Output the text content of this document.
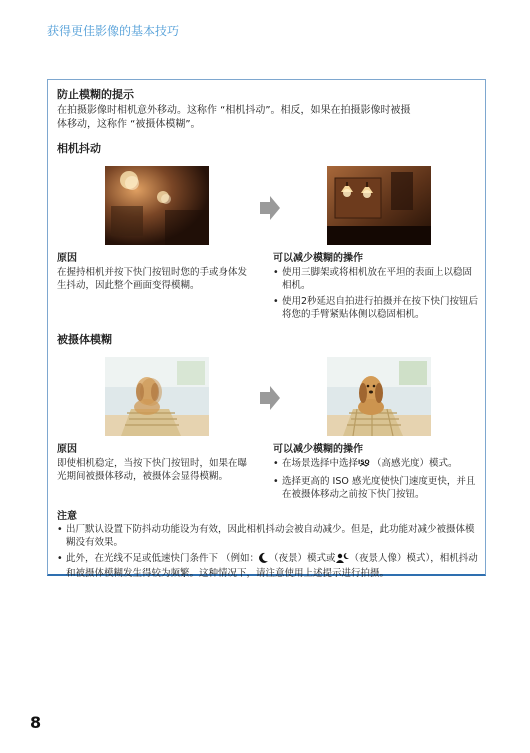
获得更佳影像的基本技巧
防止模糊的提示
在拍摄影像时相机意外移动。这称作 “相机抖动”。相反，如果在拍摄影像时被摄
体移动，这称作 “被摄体模糊”。
相机抖动
原因
在握持相机并按下快门按钮时您的手或身体发
生抖动，因此整个画面变得模糊。
可以减少模糊的操作
• 使用三脚架或将相机放在平坦的表面上以稳固相机。
• 使用2秒延迟自拍进行拍摄并在按下快门按钮后将您的手臂紧贴体侧以稳固相机。
被摄体模糊
原因
即使相机稳定，当按下快门按钮时，如果在曝
光期间被摄体移动，被摄体会显得模糊。
可以减少模糊的操作
• 在场景选择中选择 ISO （高感光度）模式。
• 选择更高的 ISO 感光度使快门速度更快，并且在被摄体移动之前按下快门按钮。
注意
• 出厂默认设置下防抖动功能设为有效，因此相机抖动会被自动减少。但是，此功能对减少被摄体模糊没有效果。
• 此外，在光线不足或低速快门条件下 （例如： （夜景）模式或 （夜景人像）模式），相机抖动和被摄体模糊发生得较为频繁。这种情况下，请注意使用上述提示进行拍摄。
8
